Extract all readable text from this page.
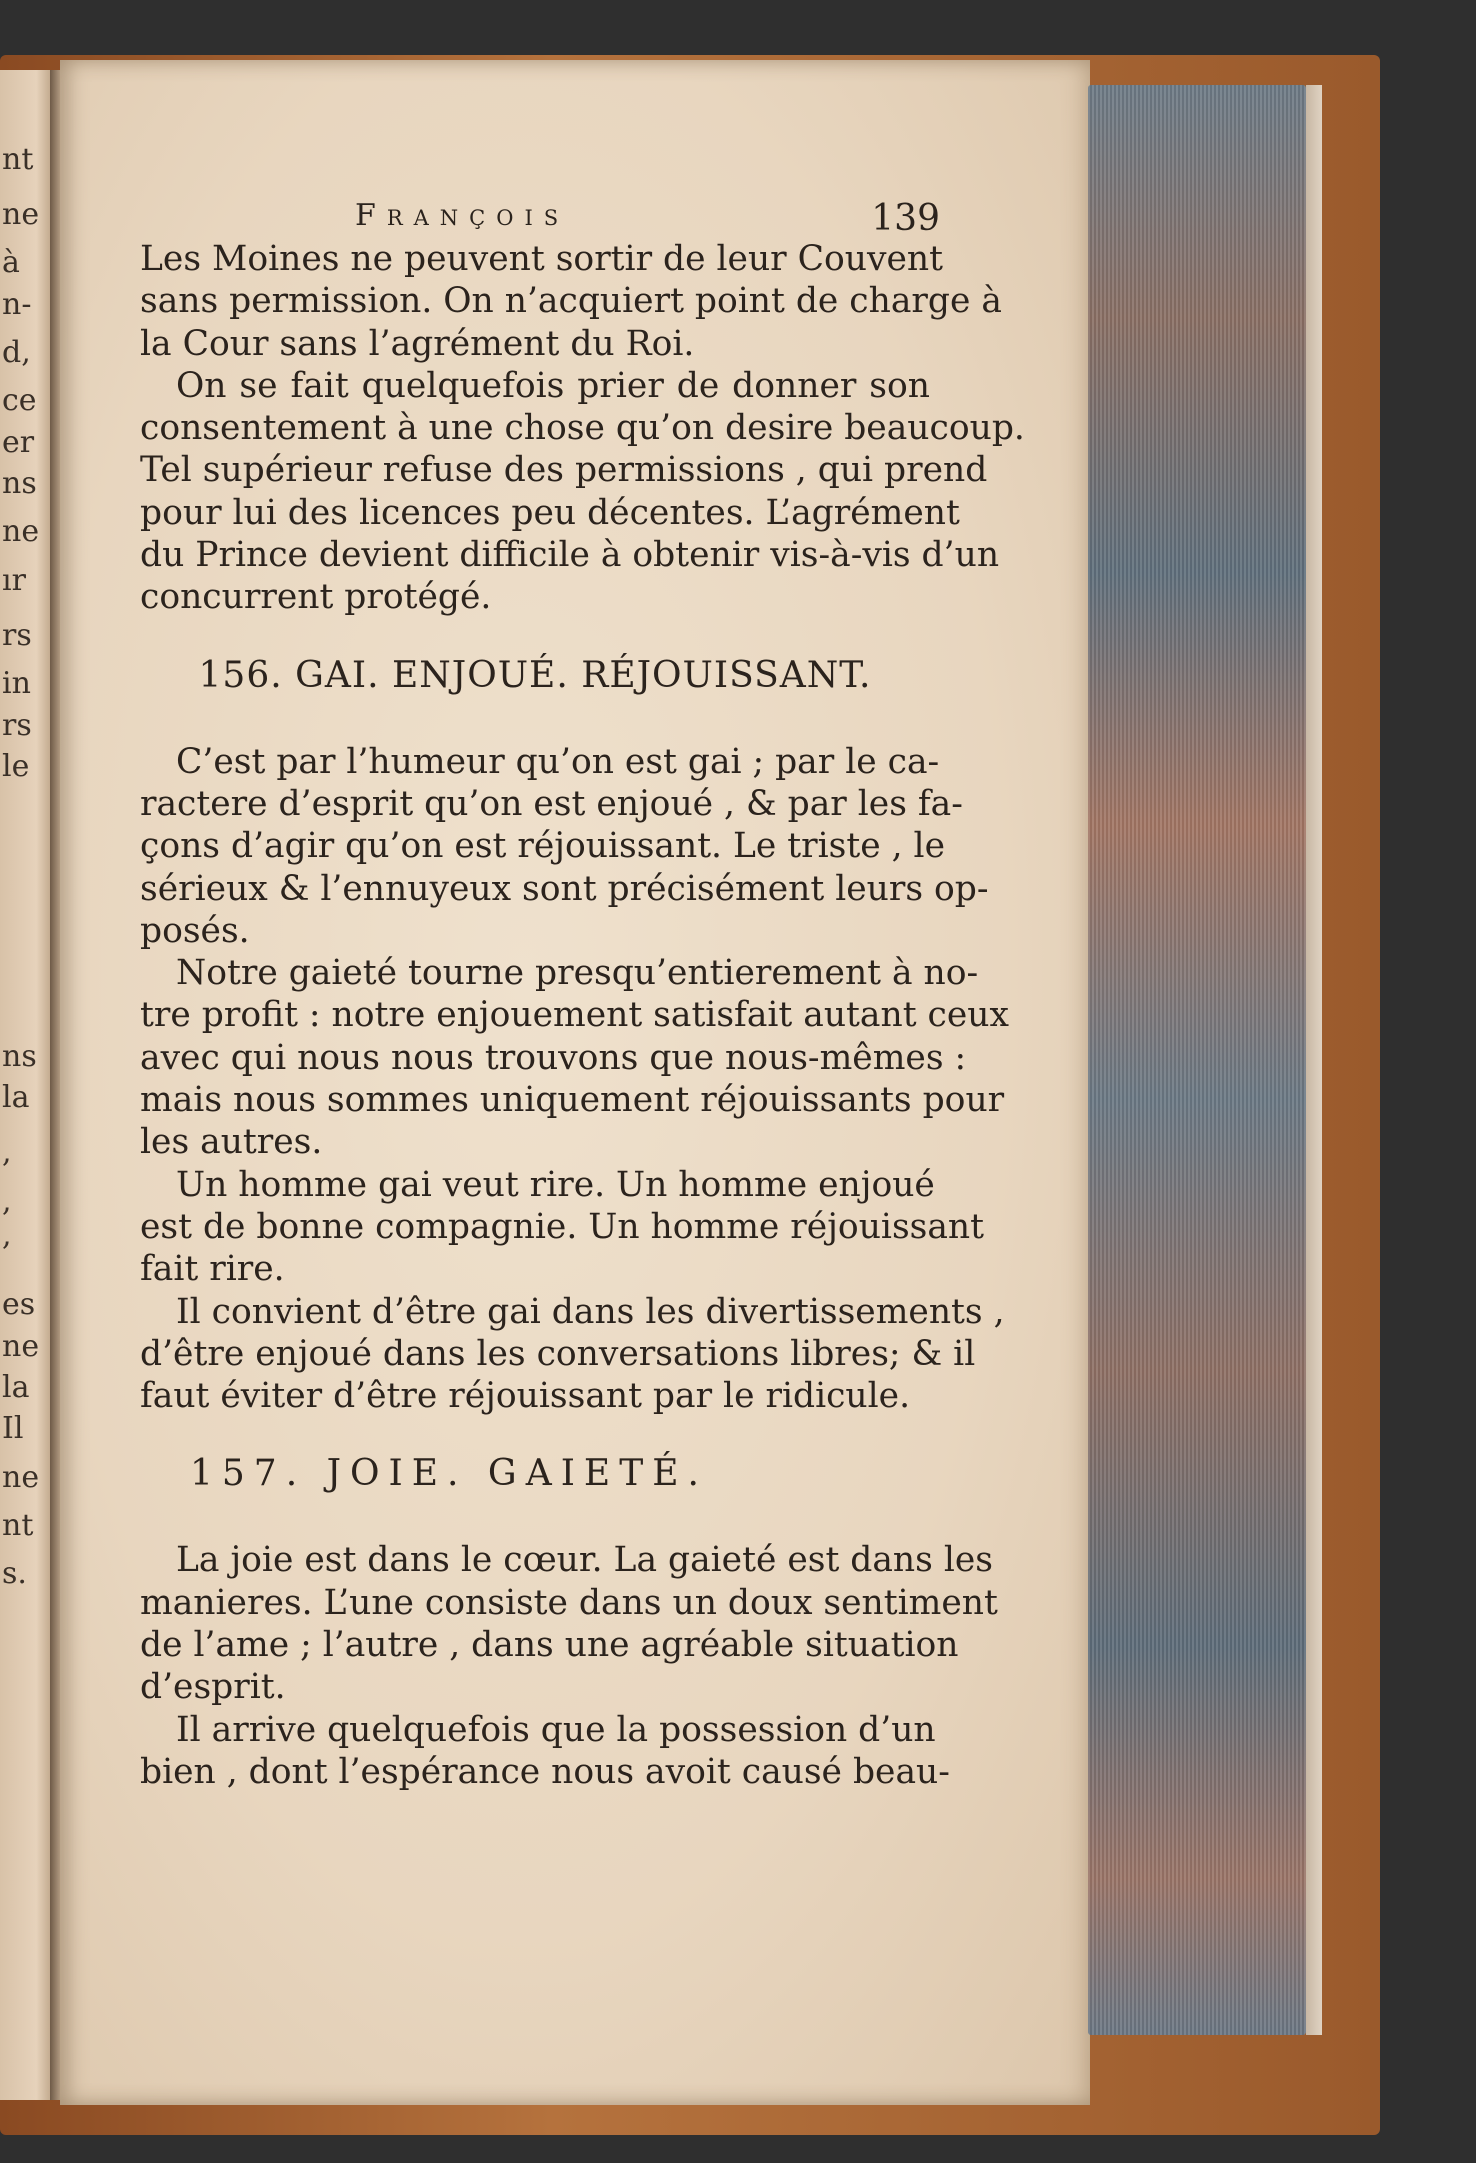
nt
ne
à
n-
d,
ce
er
ns
ne
ır
rs
in
rs
le
ns
la
,
,
,
es
ne
la
Il
ne
nt
s.
François	139
Les Moines ne peuvent sortir de leur Couvent
sans permission. On n’acquiert point de charge à
la Cour sans l’agrément du Roi.
On se fait quelquefois prier de donner son
consentement à une chose qu’on desire beaucoup.
Tel supérieur refuse des permissions , qui prend
pour lui des licences peu décentes. L’agrément
du Prince devient difficile à obtenir vis-à-vis d’un
concurrent protégé.
156. GAI. ENJOUÉ. RÉJOUISSANT.
C’est par l’humeur qu’on est gai ; par le ca-
ractere d’esprit qu’on est enjoué , & par les fa-
çons d’agir qu’on est réjouissant. Le triste , le
sérieux & l’ennuyeux sont précisément leurs op-
posés.
Notre gaieté tourne presqu’entierement à no-
tre profit : notre enjouement satisfait autant ceux
avec qui nous nous trouvons que nous-mêmes :
mais nous sommes uniquement réjouissants pour
les autres.
Un homme gai veut rire. Un homme enjoué
est de bonne compagnie. Un homme réjouissant
fait rire.
Il convient d’être gai dans les divertissements ,
d’être enjoué dans les conversations libres; & il
faut éviter d’être réjouissant par le ridicule.
157. JOIE. GAIETÉ.
La joie est dans le cœur. La gaieté est dans les
manieres. L’une consiste dans un doux sentiment
de l’ame ; l’autre , dans une agréable situation
d’esprit.
Il arrive quelquefois que la possession d’un
bien , dont l’espérance nous avoit causé beau-
